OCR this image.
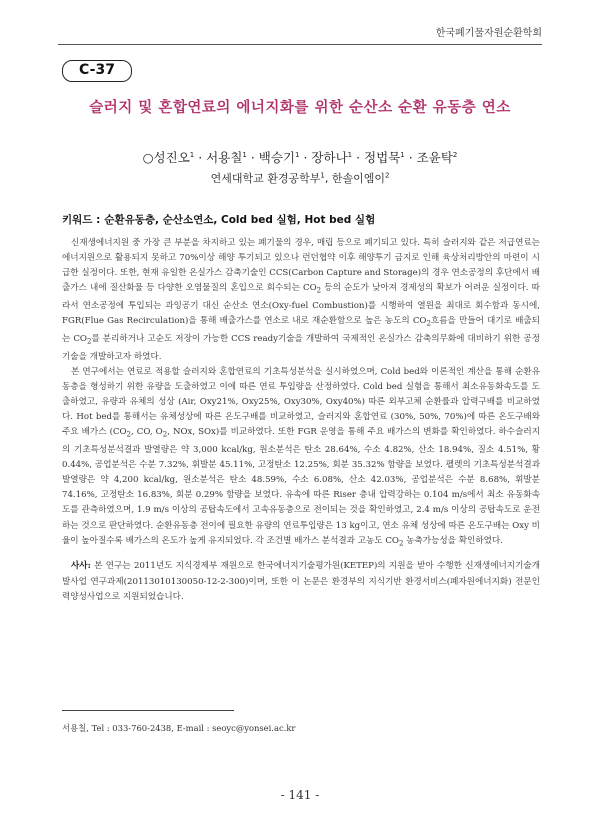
한국폐기물자원순환학회
C-37
슬러지 및 혼합연료의 에너지화를 위한 순산소 순환 유동층 연소
○성진오$^1$ · 서용칠$^1$ · 백승기$^1$ · 장하나$^1$ · 정법묵$^1$ · 조윤탁$^2$
연세대학교 환경공학부$^1$, 한솔이엠이$^2$
키워드 : 순환유동층, 순산소연소, Cold bed 실험, Hot bed 실험

신재생에너지원 중 가장 큰 부분을 차지하고 있는 폐기물의 경우, 매립 등으로 폐기되고 있다. 특히 슬러지와 같은 저급연료는 에너지원으로 활용되지 못하고 70%이상 해양 투기되고 있으나 런던협약 이후 해양투기 금지로 인해 육상처리방안의 마련이 시급한 실정이다. 또한, 현재 유일한 온실가스 감축기술인 CCS(Carbon Capture and Storage)의 경우 연소공정의 후단에서 배출가스 내에 질산화물 등 다양한 오염물질의 혼입으로 회수되는 $CO_2$ 등의 순도가 낮아져 경제성의 확보가 어려운 실정이다. 따라서 연소공정에 투입되는 과잉공기 대신 순산소 연소(Oxy-fuel Combustion)를 시행하여 열원을 최대로 회수함과 동시에, FGR(Flue Gas Recirculation)을 통해 배출가스를 연소로 내로 재순환함으로 높은 농도의 $CO_2$흐름을 만들어 대기로 배출되는 $CO_2$를 분리하거나 고순도 저장이 가능한 CCS ready기술을 개발하여 국제적인 온실가스 감축의무화에 대비하기 위한 공정기술을 개발하고자 하였다.

본 연구에서는 연료로 적용할 슬러지와 혼합연료의 기초특성분석을 실시하였으며, Cold bed와 이론적인 계산을 통해 순환유동층을 형성하기 위한 유량을 도출하였고 이에 따른 연료 투입량을 산정하였다. Cold bed 실험을 통해서 최소유동화속도를 도출하였고, 유량과 유체의 성상 (Air, Oxy21%, Oxy25%, Oxy30%, Oxy40%) 따른 외부고체 순환률과 압력구배를 비교하였다. Hot bed를 통해서는 유체성상에 따른 온도구배를 비교하였고, 슬러지와 혼합연료 (30%, 50%, 70%)에 따른 온도구배와 주요 배가스 ($CO_2$, CO, $O_2$, NOx, SOx)를 비교하였다. 또한 FGR 운영을 통해 주요 배가스의 변화를 확인하였다. 하수슬러지의 기초특성분석결과 발열량은 약 3,000 kcal/kg, 원소분석은 탄소 28.64%, 수소 4.82%, 산소 18.94%, 질소 4.51%, 황 0.44%, 공업분석은 수분 7.32%, 휘발분 45.11%, 고정탄소 12.25%, 회분 35.32% 함량을 보였다. 펠렛의 기초특성분석결과 발열량은 약 4,200 kcal/kg, 원소분석은 탄소 48.59%, 수소 6.08%, 산소 42.03%, 공업분석은 수분 8.68%, 휘발분 74.16%, 고정탄소 16.83%, 회분 0.29% 함량을 보였다. 유속에 따른 Riser 층내 압력강하는 0.104 m/s에서 최소 유동화속도를 관측하였으며, 1.9 m/s 이상의 공탑속도에서 고속유동층으로 전이되는 것을 확인하였고, 2.4 m/s 이상의 공탑속도로 운전하는 것으로 판단하였다. 순환유동층 전이에 필요한 유량의 연료투입량은 13 kg이고, 연소 유체 성상에 따른 온도구배는 Oxy 비율이 높아질수록 배가스의 온도가 높게 유지되었다. 각 조건별 배가스 분석결과 고농도 $CO_2$ 농축가능성을 확인하였다.

사사: 본 연구는 2011년도 지식경제부 재원으로 한국에너지기술평가원(KETEP)의 지원을 받아 수행한 신재생에너지기술개발사업 연구과제(20113010130050-12-2-300)이며, 또한 이 논문은 환경부의 지식기반 환경서비스(폐자원에너지화) 전문인력양성사업으로 지원되었습니다.

서용칠, Tel : 033-760-2438, E-mail : seoyc@yonsei.ac.kr
- 141 -
